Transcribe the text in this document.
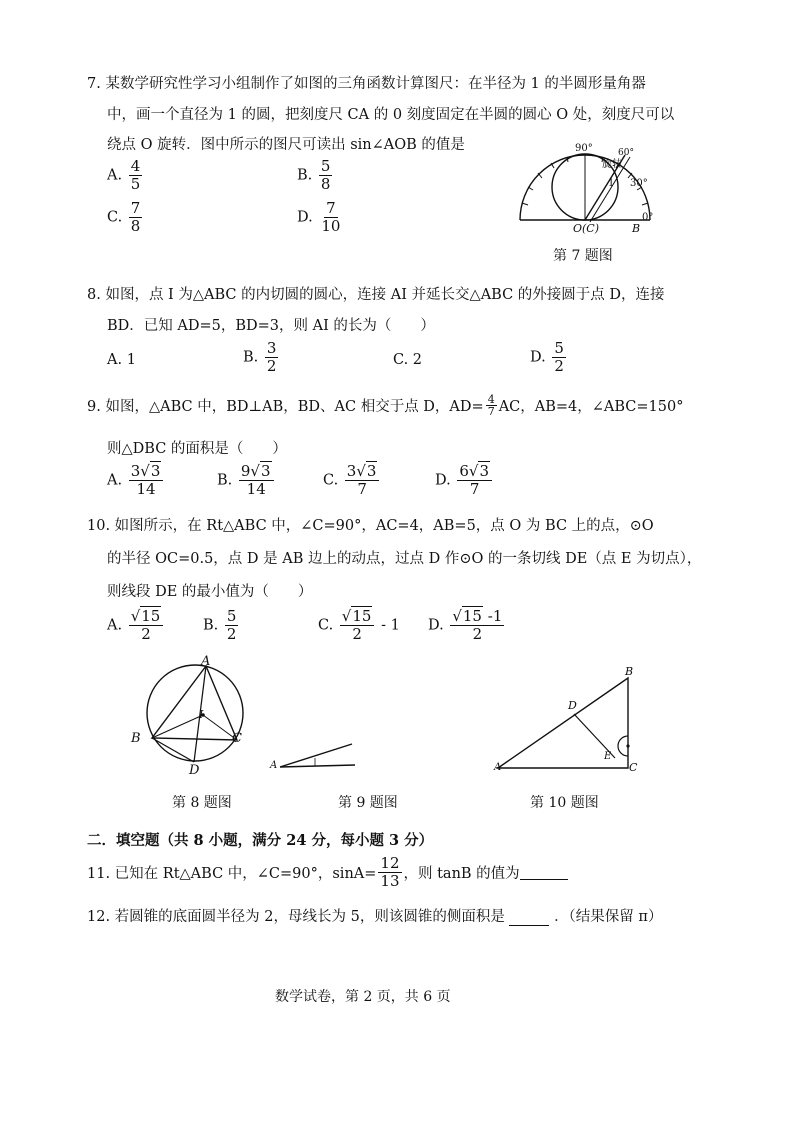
7. 某数学研究性学习小组制作了如图的三角函数计算图尺：在半径为 1 的半圆形量角器
中，画一个直径为 1 的圆，把刻度尺 CA 的 0 刻度固定在半圆的圆心 O 处，刻度尺可以
绕点 O 旋转．图中所示的图尺可读出 sin∠AOB 的值是
A. $\frac{4}{5}$	B. $\frac{5}{8}$
C. $\frac{7}{8}$	D. $\frac{7}{10}$
90°	60°
旋转
1 30°
0°
O(C)	B
第 7 题图
8. 如图，点 I 为△ABC 的内切圆的圆心，连接 AI 并延长交△ABC 的外接圆于点 D，连接
BD．已知 AD=5，BD=3，则 AI 的长为（　　）
A. 1	B. $\frac{3}{2}$	C. 2	D. $\frac{5}{2}$
9. 如图，△ABC 中，BD⊥AB，BD、AC 相交于点 D，$AD= \frac{4}{7}$ AC，AB=4，∠ABC=150°
则△DBC 的面积是（　　）
A. $\frac{3√3}{14}$	B. $\frac{9√3}{14}$	C. $\frac{3√3}{7}$	D. $\frac{6√3}{7}$
10. 如图所示，在 Rt△ABC 中，∠C=90°，AC=4，AB=5，点 O 为 BC 上的点，⊙O
的半径 OC=0.5，点 D 是 AB 边上的动点，过点 D 作⊙O 的一条切线 DE（点 E 为切点），
则线段 DE 的最小值为（　　）
A. $\frac{√15}{2}$	B. $\frac{5}{2}$	C. $\frac{√15}{2} - 1$ D. $\frac{√15 -1}{2}$
A
B	C
D
I
第 8 题图
A
第 9 题图
B
D
E
C
A
第 10 题图
二．填空题（共 8 小题，满分 24 分，每小题 3 分）
11. 已知在 Rt△ABC 中，∠C=90°，$\sin A= \frac{12}{13}$ ，则 tanB 的值为
12. 若圆锥的底面圆半径为 2，母线长为 5，则该圆锥的侧面积是	．（结果保留 π）
数学试卷，第 2 页，共 6 页
